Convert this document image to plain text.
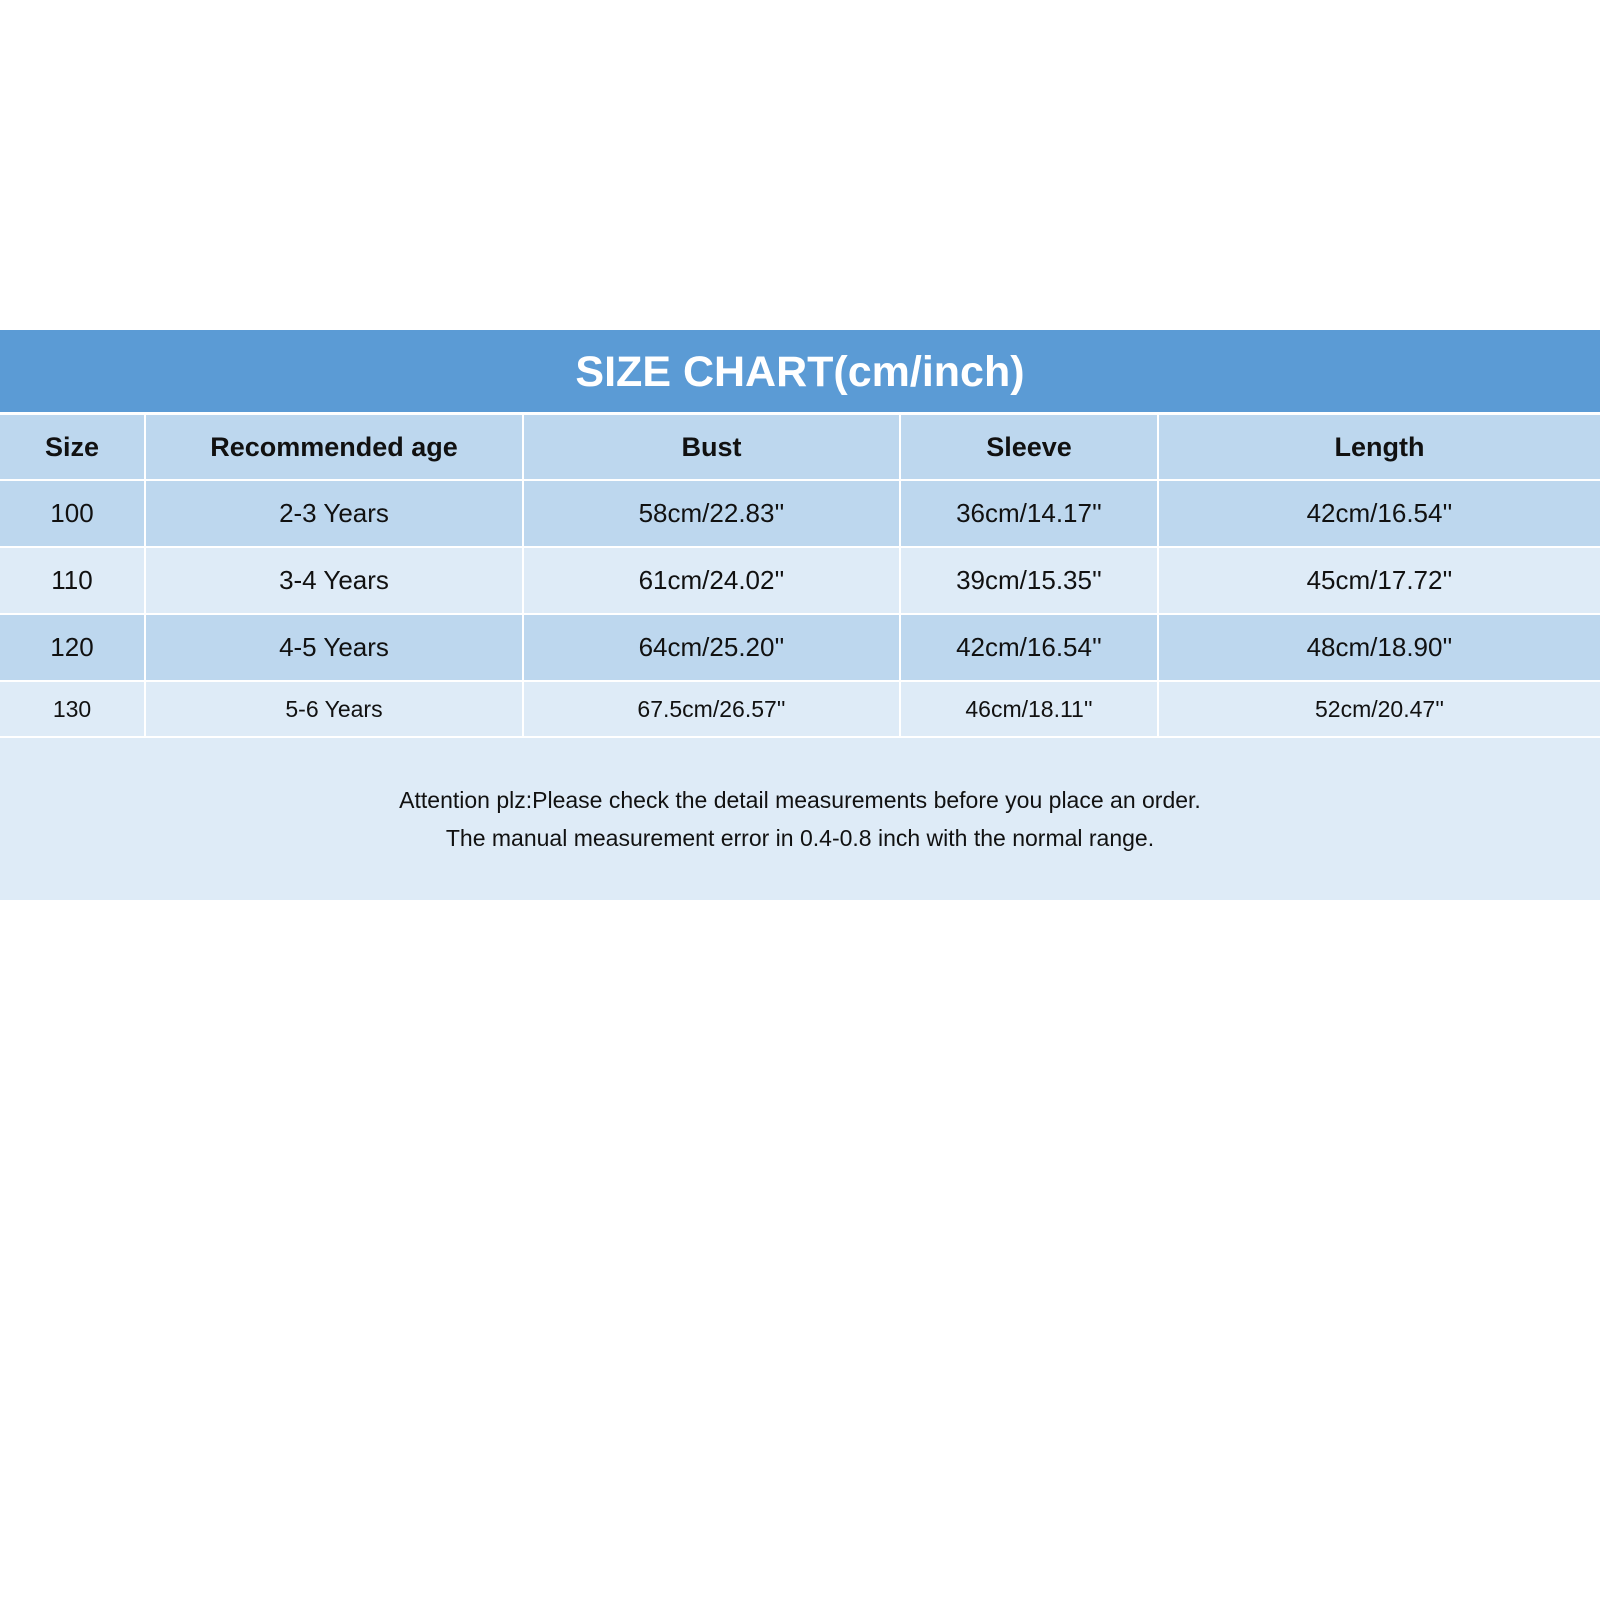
SIZE CHART(cm/inch)
Size	Recommended age	Bust	Sleeve	Length
100	2-3 Years	58cm/22.83''	36cm/14.17''	42cm/16.54''
110	3-4 Years	61cm/24.02''	39cm/15.35''	45cm/17.72''
120	4-5 Years	64cm/25.20''	42cm/16.54''	48cm/18.90''
130	5-6 Years	67.5cm/26.57''	46cm/18.11''	52cm/20.47''
Attention plz:Please check the detail measurements before you place an order.
The manual measurement error in 0.4-0.8 inch with the normal range.
